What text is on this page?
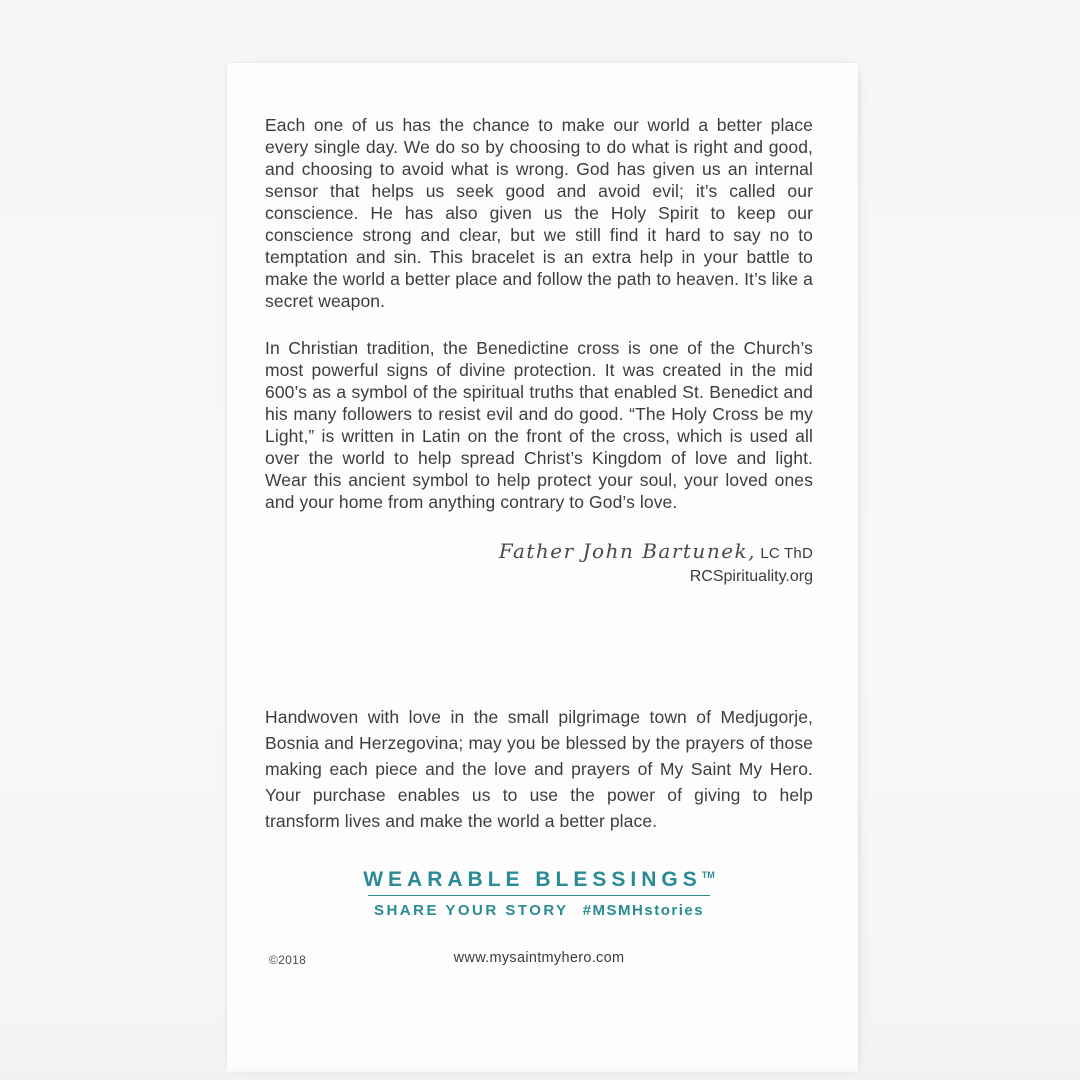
Each one of us has the chance to make our world a better place every single day. We do so by choosing to do what is right and good, and choosing to avoid what is wrong. God has given us an internal sensor that helps us seek good and avoid evil; it’s called our conscience. He has also given us the Holy Spirit to keep our conscience strong and clear, but we still find it hard to say no to temptation and sin. This bracelet is an extra help in your battle to make the world a better place and follow the path to heaven. It’s like a secret weapon.

In Christian tradition, the Benedictine cross is one of the Church’s most powerful signs of divine protection. It was created in the mid 600’s as a symbol of the spiritual truths that enabled St. Benedict and his many followers to resist evil and do good. “The Holy Cross be my Light,” is written in Latin on the front of the cross, which is used all over the world to help spread Christ’s Kingdom of love and light. Wear this ancient symbol to help protect your soul, your loved ones and your home from anything contrary to God’s love.

Father John Bartunek, LC ThD
RCSpirituality.org

Handwoven with love in the small pilgrimage town of Medjugorje, Bosnia and Herzegovina; may you be blessed by the prayers of those making each piece and the love and prayers of My Saint My Hero. Your purchase enables us to use the power of giving to help transform lives and make the world a better place.

WEARABLE BLESSINGS™
SHARE YOUR STORY #MSMHstories
©2018	www.mysaintmyhero.com
